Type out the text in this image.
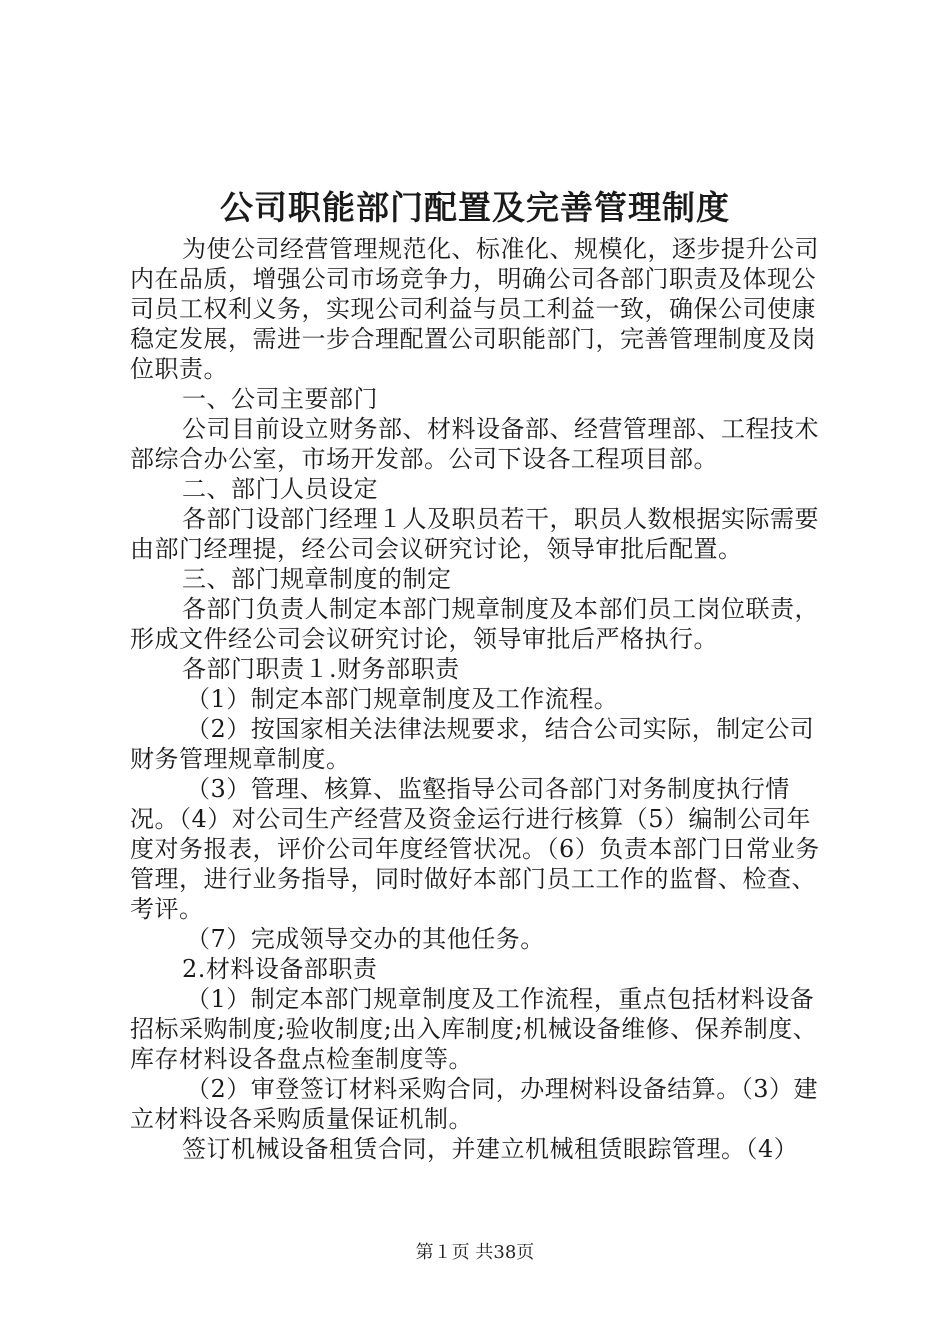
公司职能部门配置及完善管理制度

为使公司经营管理规范化、标准化、规模化，逐步提升公司内在品质，增强公司市场竞争力，明确公司各部门职责及体现公司员工权利义务，实现公司利益与员工利益一致，确保公司使康稳定发展，需进一步合理配置公司职能部门，完善管理制度及岗位职责。

一、公司主要部门

公司目前设立财务部、材料设备部、经营管理部、工程技术部综合办公室，市场开发部。公司下设各工程项目部。

二、部门人员设定

各部门设部门经理１人及职员若干，职员人数根据实际需要由部门经理提，经公司会议研究讨论，领导审批后配置。

三、部门规章制度的制定

各部门负责人制定本部门规章制度及本部们员工岗位联责，形成文件经公司会议研究讨论，领导审批后严格执行。

各部门职责１.财务部职责

（1）制定本部门规章制度及工作流程。

（2）按国家相关法律法规要求，结合公司实际，制定公司财务管理规章制度。

（3）管理、核算、监壑指导公司各部门对务制度执行情况。（4）对公司生产经营及资金运行进行核算（5）编制公司年度对务报表，评价公司年度经管状况。（6）负责本部门日常业务管理，进行业务指导，同时做好本部门员工工作的监督、检查、考评。

（7）完成领导交办的其他任务。

2.材料设备部职责

（1）制定本部门规章制度及工作流程，重点包括材料设备招标采购制度;验收制度;出入库制度;机械设备维修、保养制度、库存材料设各盘点检奎制度等。

（2）审登签订材料采购合同，办理树料设备结算。（3）建立材料设各采购质量保证机制。

签订机械设备租赁合同，并建立机械租赁眼踪管理。（4）

第１页 共38页
